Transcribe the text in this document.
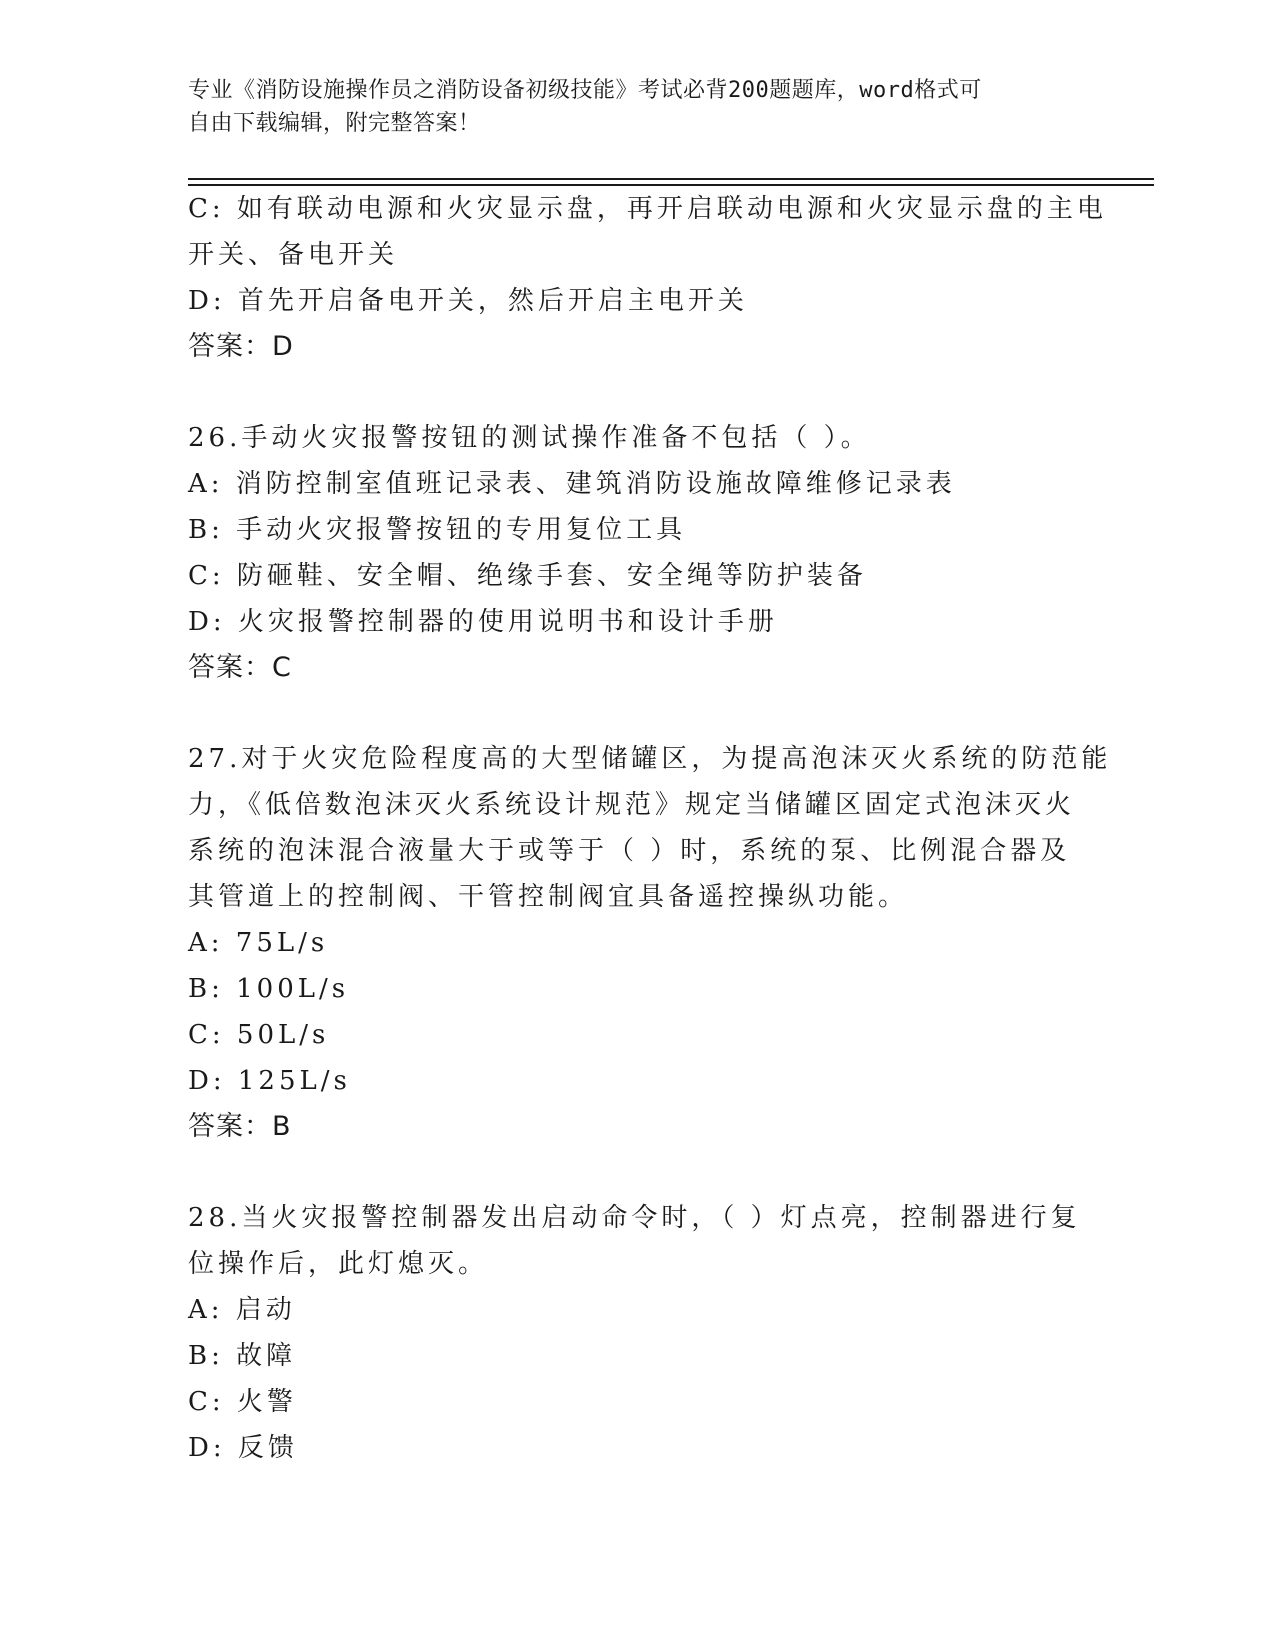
专业《消防设施操作员之消防设备初级技能》考试必背200题题库，word格式可
自由下载编辑，附完整答案！
C: 如有联动电源和火灾显示盘，再开启联动电源和火灾显示盘的主电
开关、备电开关
D: 首先开启备电开关，然后开启主电开关
答案：D
26.手动火灾报警按钮的测试操作准备不包括（ ）。
A: 消防控制室值班记录表、建筑消防设施故障维修记录表
B: 手动火灾报警按钮的专用复位工具
C: 防砸鞋、安全帽、绝缘手套、安全绳等防护装备
D: 火灾报警控制器的使用说明书和设计手册
答案：C
27.对于火灾危险程度高的大型储罐区，为提高泡沫灭火系统的防范能
力，《低倍数泡沫灭火系统设计规范》规定当储罐区固定式泡沫灭火
系统的泡沫混合液量大于或等于（ ）时，系统的泵、比例混合器及
其管道上的控制阀、干管控制阀宜具备遥控操纵功能。
A: 75L/s
B: 100L/s
C: 50L/s
D: 125L/s
答案：B
28.当火灾报警控制器发出启动命令时，（ ）灯点亮，控制器进行复
位操作后，此灯熄灭。
A: 启动
B: 故障
C: 火警
D: 反馈
